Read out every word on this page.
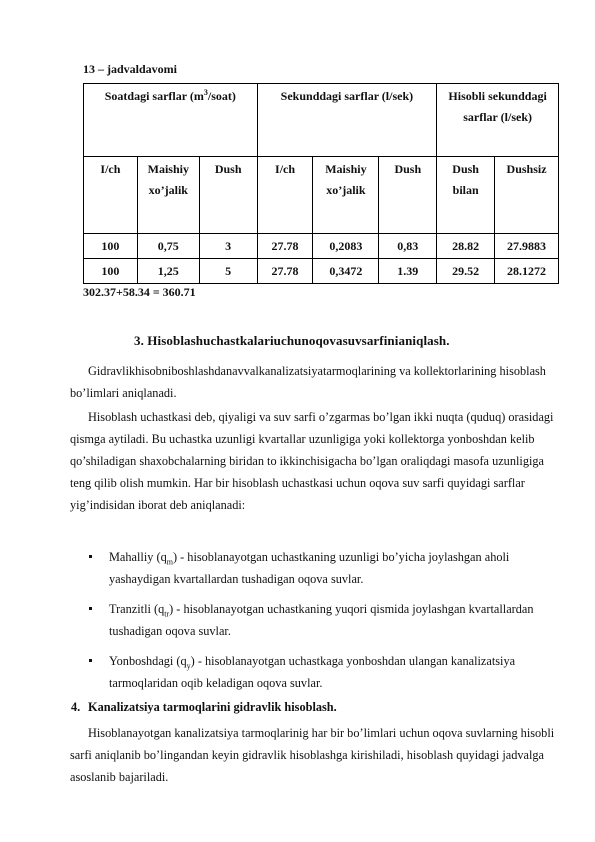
13 – jadvaldavomi
Soatdagi sarflar $(m^3/soat)$			Sekunddagi sarflar (l/sek)			Hisobli sekunddagi sarflar (l/sek)	
I/ch	Maishiy xo’jalik	Dush	I/ch	Maishiy xo’jalik	Dush	Dush bilan	Dushsiz
100	0,75	3	27.78	0,2083	0,83	28.82	27.9883
100	1,25	5	27.78	0,3472	1.39	29.52	28.1272
302.37+58.34 = 360.71
3. Hisoblashuchastkalariuchunoqovasuvsarfinianiqlash.
Gidravlikhisobniboshlashdanavvalkanalizatsiyatarmoqlarining va kollektorlarining hisoblash bo’limlari aniqlanadi.
Hisoblash uchastkasi deb, qiyaligi va suv sarfi o’zgarmas bo’lgan ikki nuqta (quduq) orasidagi qismga aytiladi. Bu uchastka uzunligi kvartallar uzunligiga yoki kollektorga yonboshdan kelib qo’shiladigan shaxobchalarning biridan to ikkinchisigacha bo’lgan oraliqdagi masofa uzunligiga teng qilib olish mumkin. Har bir hisoblash uchastkasi uchun oqova suv sarfi quyidagi sarflar yig’indisidan iborat deb aniqlanadi:
Mahalliy $(q_m)$ - hisoblanayotgan uchastkaning uzunligi bo’yicha joylashgan aholi yashaydigan kvartallardan tushadigan oqova suvlar.
Tranzitli $(q_{tr})$ - hisoblanayotgan uchastkaning yuqori qismida joylashgan kvartallardan tushadigan oqova suvlar.
Yonboshdagi $(q_y)$ - hisoblanayotgan uchastkaga yonboshdan ulangan kanalizatsiya tarmoqlaridan oqib keladigan oqova suvlar.
4. Kanalizatsiya tarmoqlarini gidravlik hisoblash.
Hisoblanayotgan kanalizatsiya tarmoqlarinig har bir bo’limlari uchun oqova suvlarning hisobli sarfi aniqlanib bo’lingandan keyin gidravlik hisoblashga kirishiladi, hisoblash quyidagi jadvalga asoslanib bajariladi.
